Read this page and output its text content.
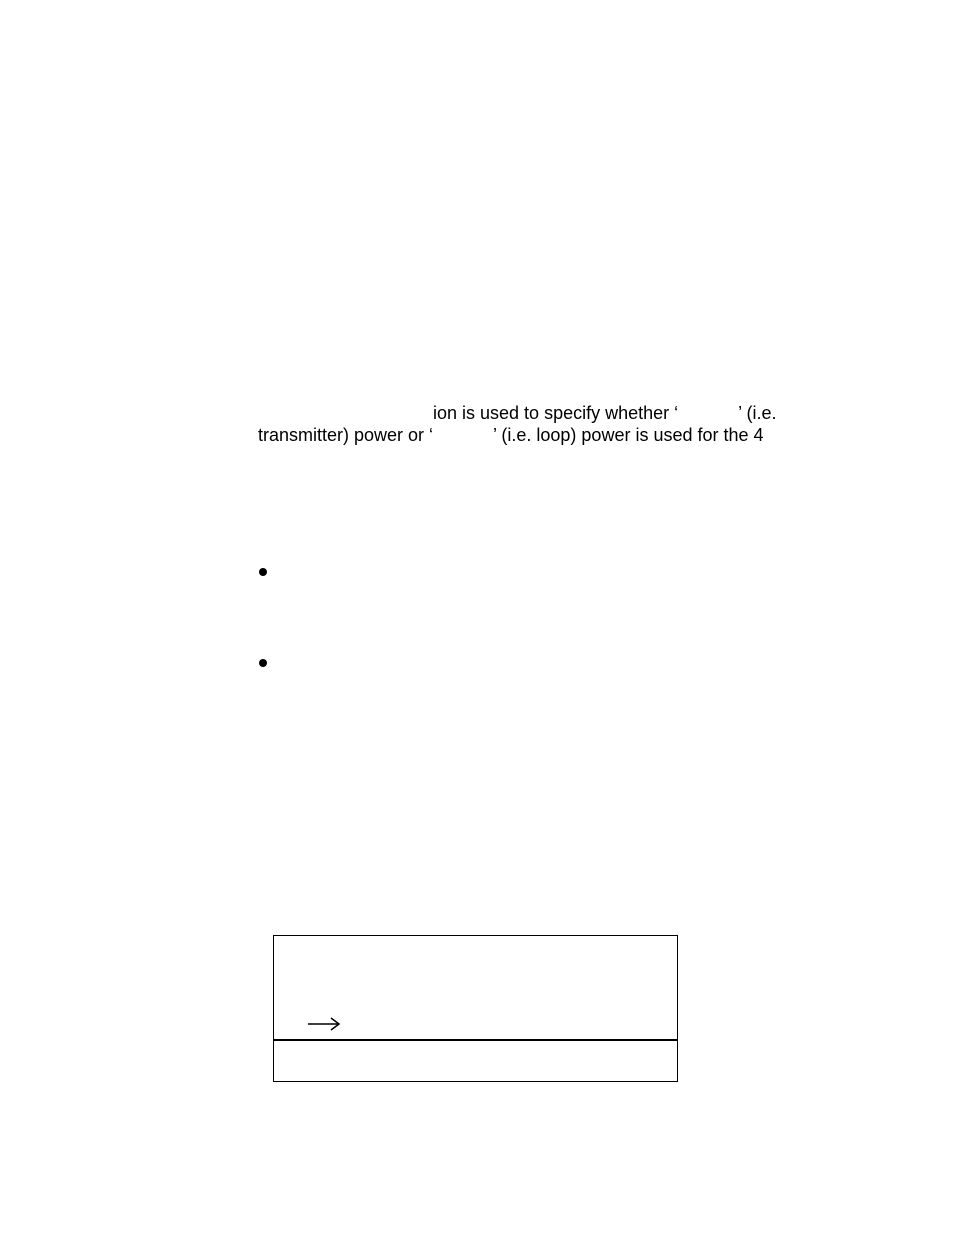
ion is used to specify whether ‘            ’ (i.e.
transmitter) power or ‘            ’ (i.e. loop) power is used for the 4
